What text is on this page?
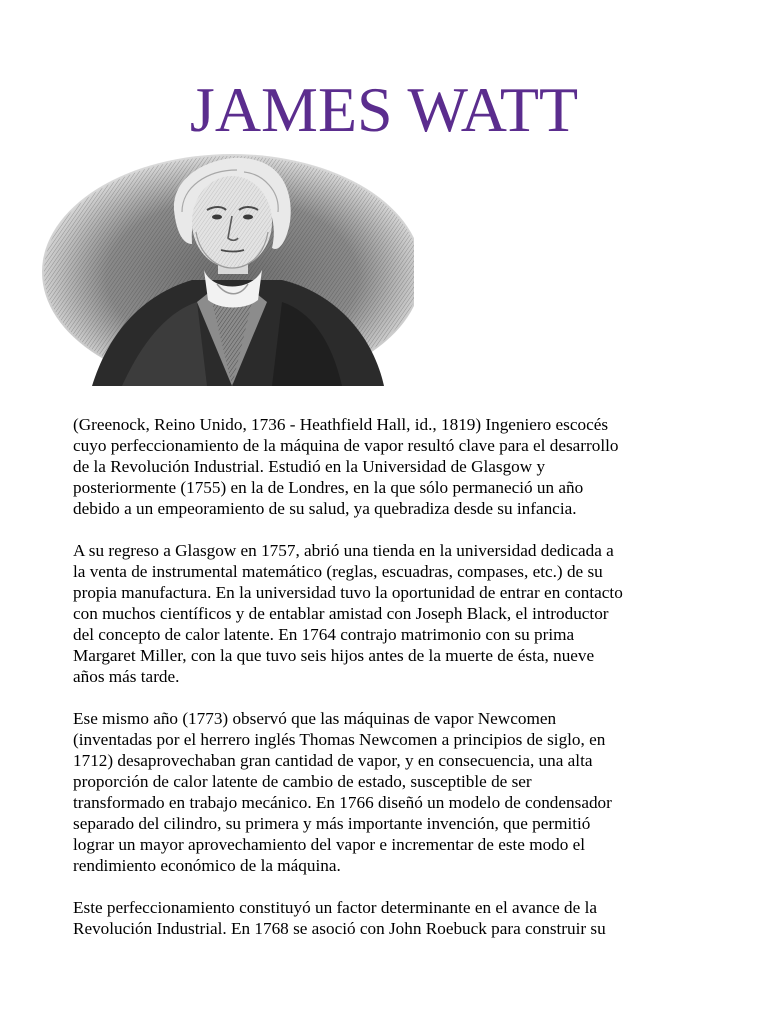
JAMES WATT

(Greenock, Reino Unido, 1736 - Heathfield Hall, id., 1819) Ingeniero escocés
cuyo perfeccionamiento de la máquina de vapor resultó clave para el desarrollo
de la Revolución Industrial. Estudió en la Universidad de Glasgow y
posteriormente (1755) en la de Londres, en la que sólo permaneció un año
debido a un empeoramiento de su salud, ya quebradiza desde su infancia.

A su regreso a Glasgow en 1757, abrió una tienda en la universidad dedicada a
la venta de instrumental matemático (reglas, escuadras, compases, etc.) de su
propia manufactura. En la universidad tuvo la oportunidad de entrar en contacto
con muchos científicos y de entablar amistad con Joseph Black, el introductor
del concepto de calor latente. En 1764 contrajo matrimonio con su prima
Margaret Miller, con la que tuvo seis hijos antes de la muerte de ésta, nueve
años más tarde.

Ese mismo año (1773) observó que las máquinas de vapor Newcomen
(inventadas por el herrero inglés Thomas Newcomen a principios de siglo, en
1712) desaprovechaban gran cantidad de vapor, y en consecuencia, una alta
proporción de calor latente de cambio de estado, susceptible de ser
transformado en trabajo mecánico. En 1766 diseñó un modelo de condensador
separado del cilindro, su primera y más importante invención, que permitió
lograr un mayor aprovechamiento del vapor e incrementar de este modo el
rendimiento económico de la máquina.

Este perfeccionamiento constituyó un factor determinante en el avance de la
Revolución Industrial. En 1768 se asoció con John Roebuck para construir su
